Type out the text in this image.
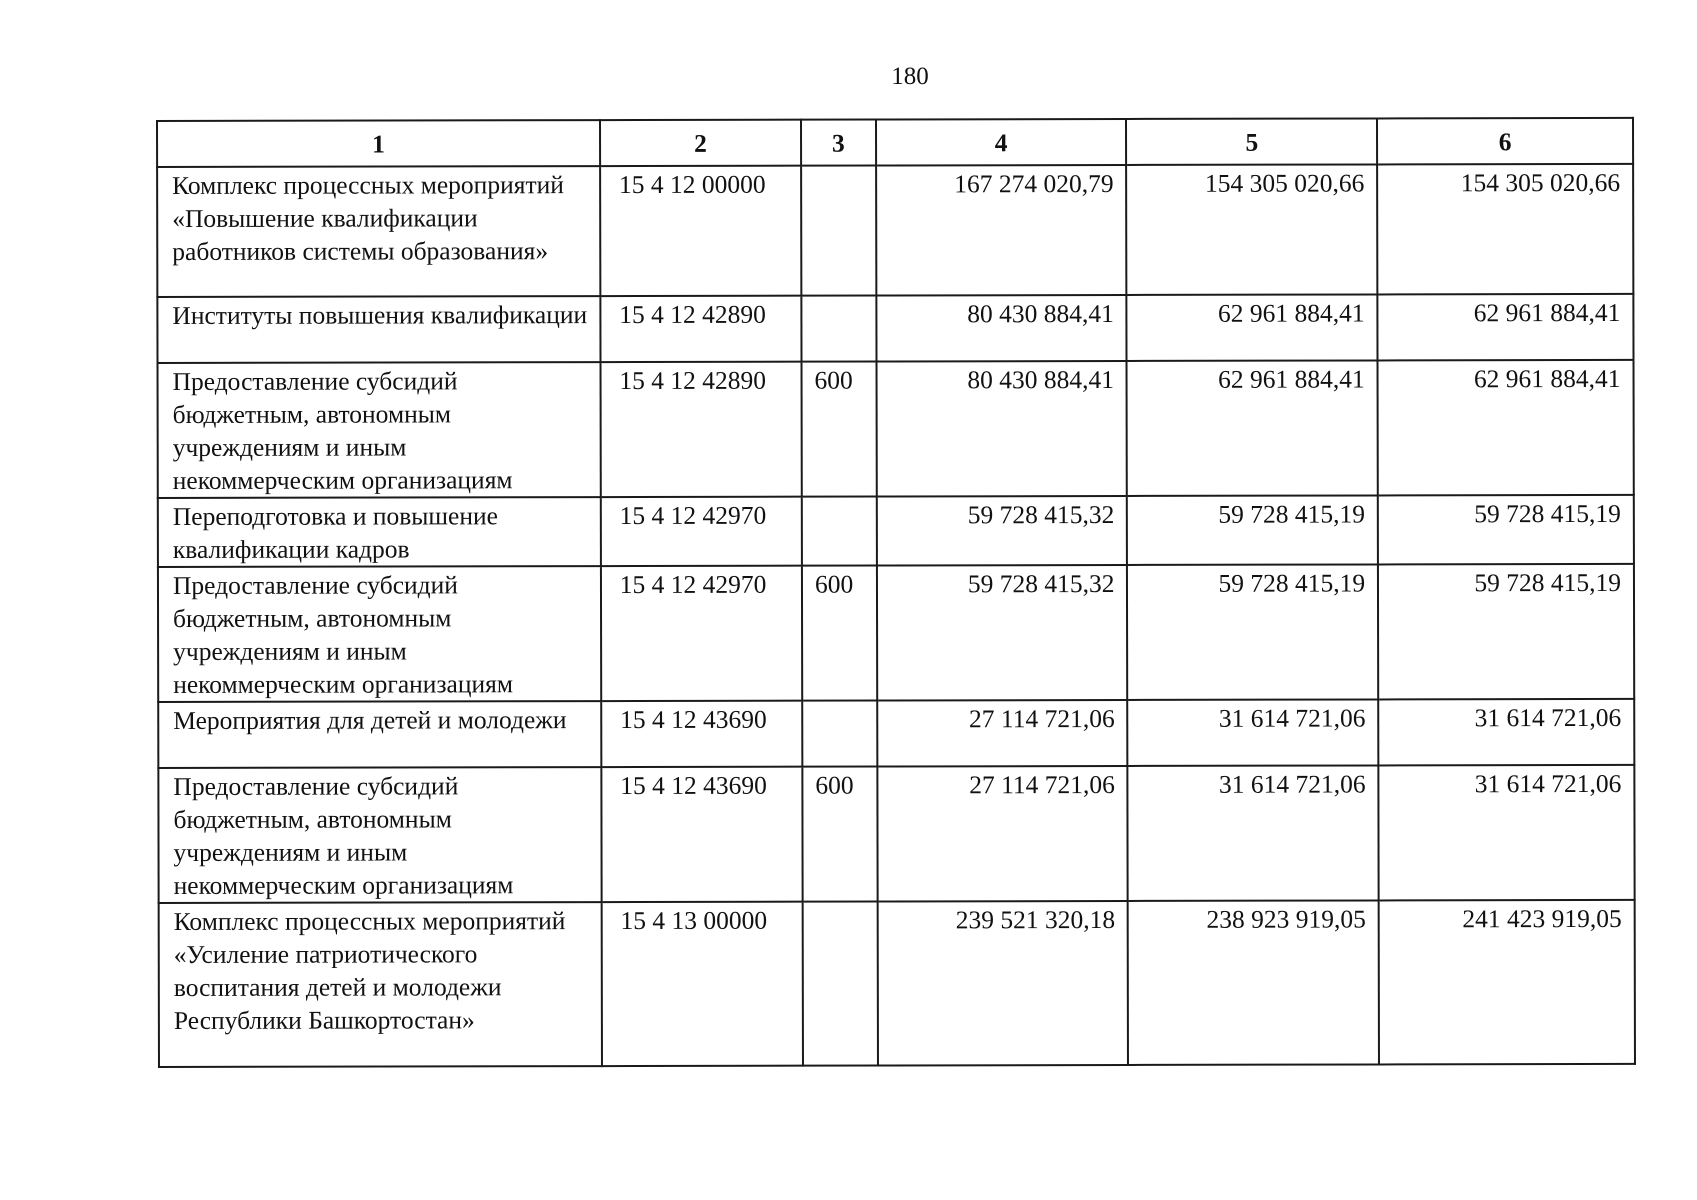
180
1	2	3	4	5	6
Комплекс процессных мероприятий «Повышение квалификации работников системы образования»	15 4 12 00000		167 274 020,79	154 305 020,66	154 305 020,66
Институты повышения квалификации	15 4 12 42890		80 430 884,41	62 961 884,41	62 961 884,41
Предоставление субсидий бюджетным, автономным учреждениям и иным некоммерческим организациям	15 4 12 42890	600	80 430 884,41	62 961 884,41	62 961 884,41
Переподготовка и повышение квалификации кадров	15 4 12 42970		59 728 415,32	59 728 415,19	59 728 415,19
Предоставление субсидий бюджетным, автономным учреждениям и иным некоммерческим организациям	15 4 12 42970	600	59 728 415,32	59 728 415,19	59 728 415,19
Мероприятия для детей и молодежи	15 4 12 43690		27 114 721,06	31 614 721,06	31 614 721,06
Предоставление субсидий бюджетным, автономным учреждениям и иным некоммерческим организациям	15 4 12 43690	600	27 114 721,06	31 614 721,06	31 614 721,06
Комплекс процессных мероприятий «Усиление патриотического воспитания детей и молодежи Республики Башкортостан»	15 4 13 00000		239 521 320,18	238 923 919,05	241 423 919,05
